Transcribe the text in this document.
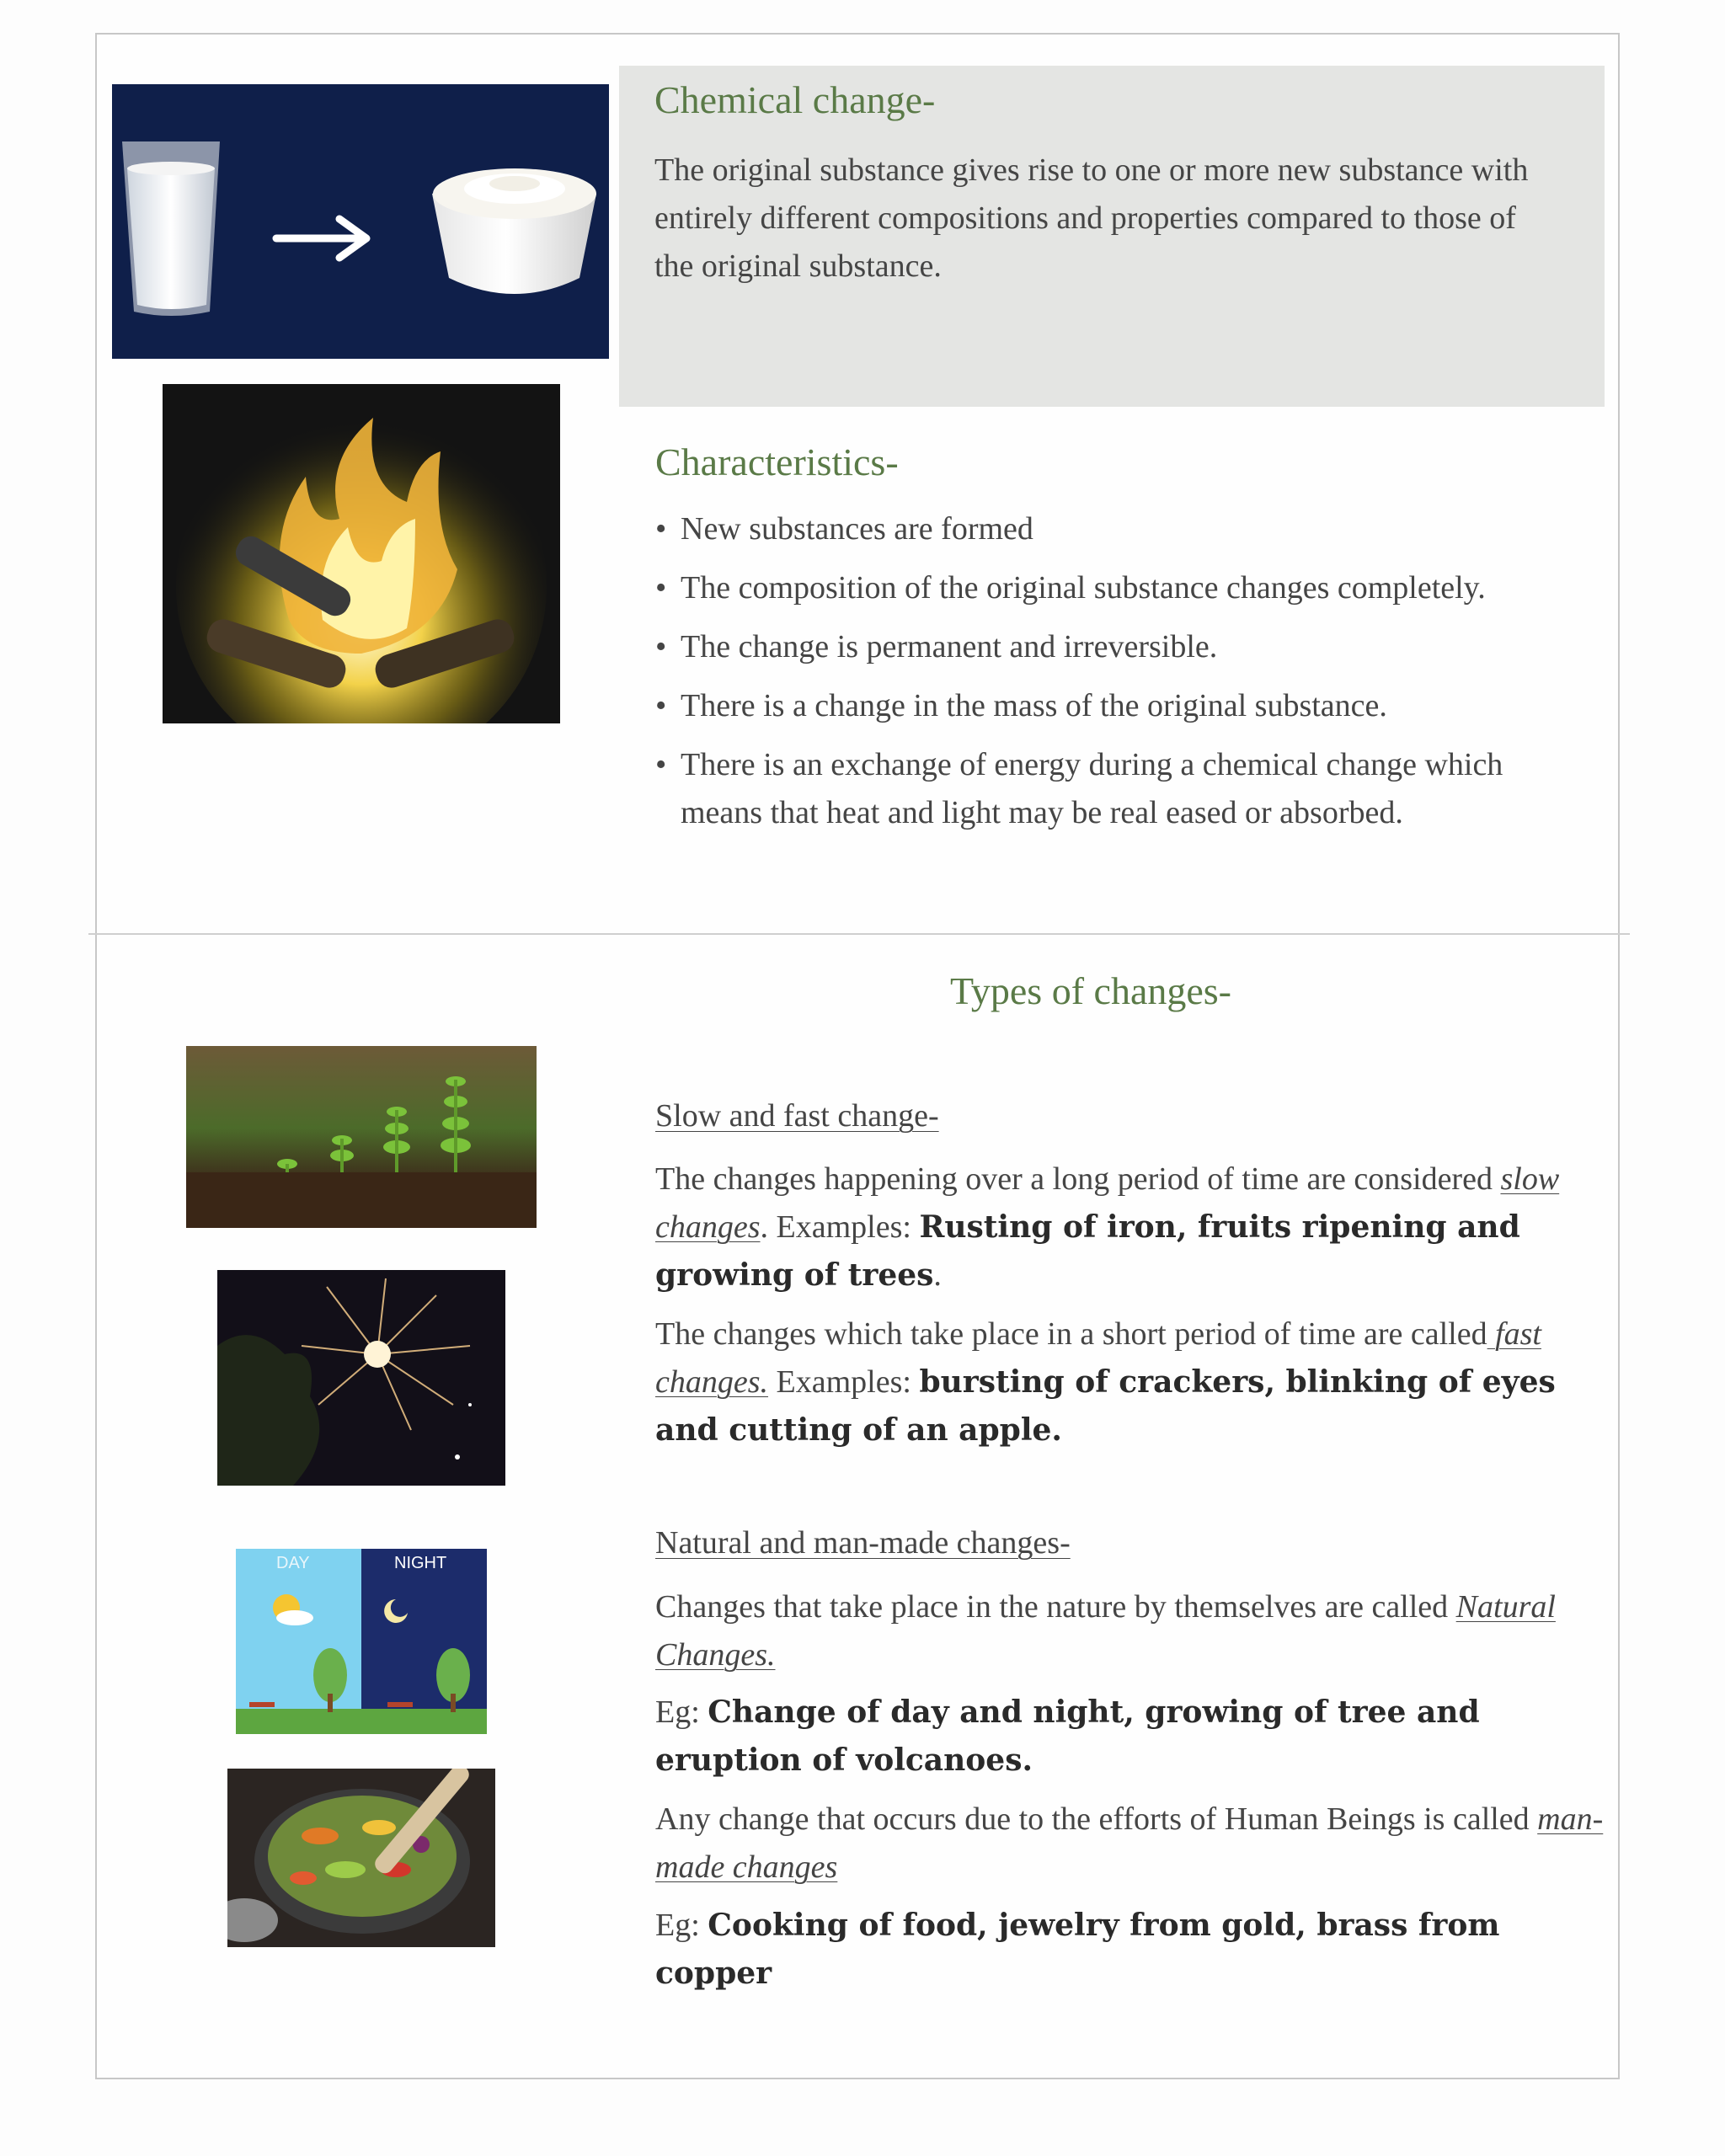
Chemical change-

The original substance gives rise to one or more new substance with entirely different compositions and properties compared to those of the original substance.

Characteristics-
• New substances are formed
• The composition of the original substance changes completely.
• The change is permanent and irreversible.
• There is a change in the mass of the original substance.
• There is an exchange of energy during a chemical change which means that heat and light may be real eased or absorbed.
Types of changes-
DAY	NIGHT
Slow and fast change-

The changes happening over a long period of time are considered slow changes. Examples: Rusting of iron, fruits ripening and growing of trees.

The changes which take place in a short period of time are called fast changes. Examples: bursting of crackers, blinking of eyes and cutting of an apple.

Natural and man-made changes-

Changes that take place in the nature by themselves are called Natural Changes.

Eg: Change of day and night, growing of tree and eruption of volcanoes.

Any change that occurs due to the efforts of Human Beings is called man-made changes

Eg: Cooking of food, jewelry from gold, brass from copper
